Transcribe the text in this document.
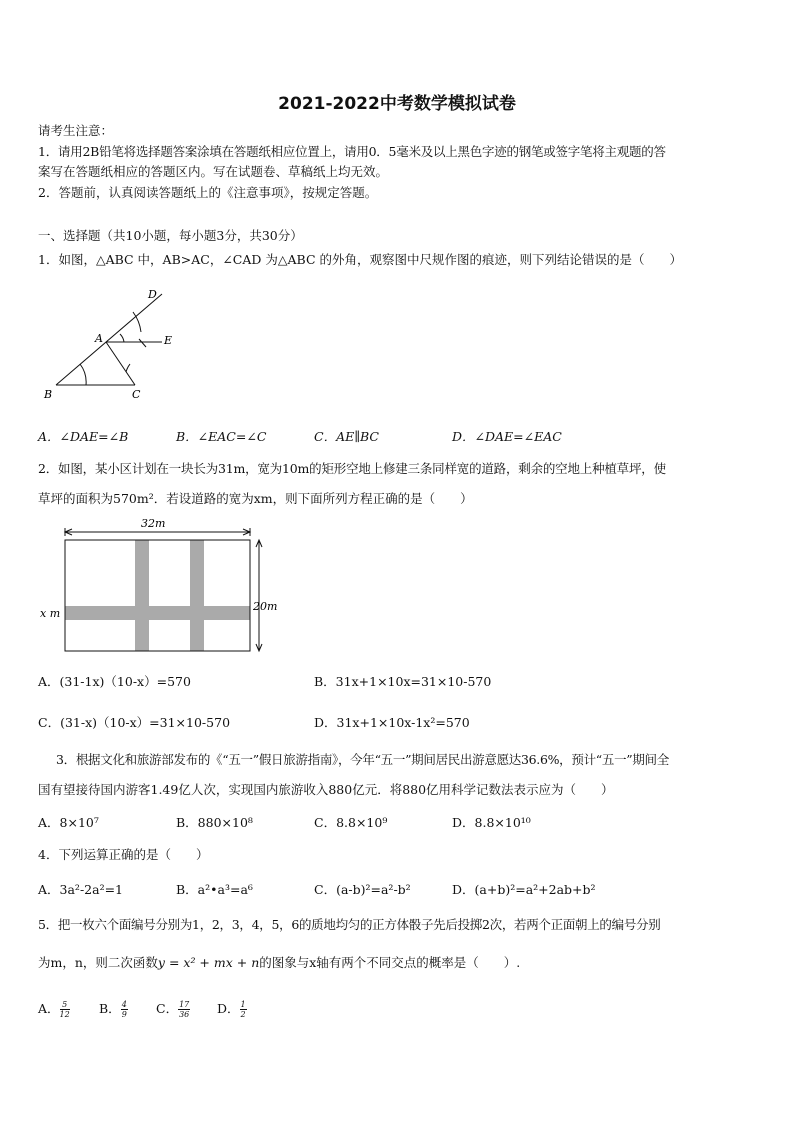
2021-2022中考数学模拟试卷
请考生注意：
1．请用2B铅笔将选择题答案涂填在答题纸相应位置上，请用0．5毫米及以上黑色字迹的钢笔或签字笔将主观题的答
案写在答题纸相应的答题区内。写在试题卷、草稿纸上均无效。
2．答题前，认真阅读答题纸上的《注意事项》，按规定答题。
一、选择题（共10小题，每小题3分，共30分）
1．如图，△ABC 中，AB>AC，∠CAD 为△ABC 的外角，观察图中尺规作图的痕迹，则下列结论错误的是（　　）
D
A	E
B	C
A．∠DAE=∠B	B．∠EAC=∠C	C．AE∥BC	D．∠DAE=∠EAC
2．如图，某小区计划在一块长为31m，宽为10m的矩形空地上修建三条同样宽的道路，剩余的空地上种植草坪，使
草坪的面积为570m²．若设道路的宽为xm，则下面所列方程正确的是（　　）
32m
20m
x m
A．(31-1x)（10-x）=570	B．31x+1×10x=31×10-570
C．(31-x)（10-x）=31×10-570	D．31x+1×10x-1x²=570
3．根据文化和旅游部发布的《“五一”假日旅游指南》，今年“五一”期间居民出游意愿达36.6%，预计“五一”期间全
国有望接待国内游客1.49亿人次，实现国内旅游收入880亿元．将880亿用科学记数法表示应为（　　）
A．8×10⁷	B．880×10⁸	C．8.8×10⁹	D．8.8×10¹⁰
4．下列运算正确的是（　　）
A．3a²-2a²=1	B．a²•a³=a⁶	C．(a-b)²=a²-b²	D．(a+b)²=a²+2ab+b²
5．把一枚六个面编号分别为1，2，3，4，5，6的质地均匀的正方体骰子先后投掷2次，若两个正面朝上的编号分别
为m，n，则二次函数y = x² + mx + n的图象与x轴有两个不同交点的概率是（　　）.
A． $\frac{5}{12}$ B． $\frac{4}{9}$ C． $\frac{17}{36}$ D． $\frac{1}{2}$
